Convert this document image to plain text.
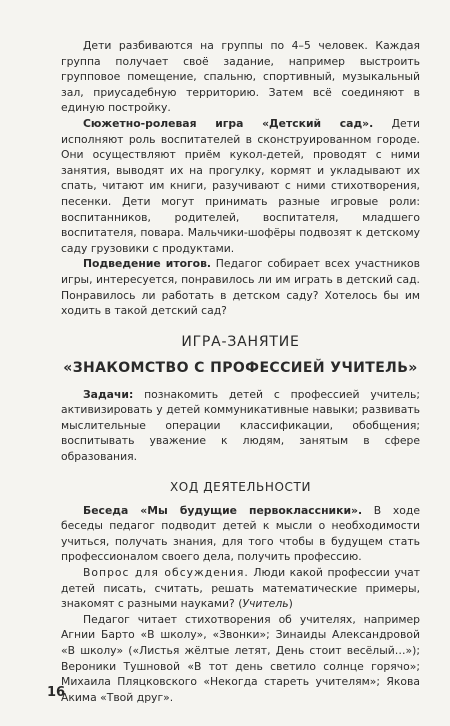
Дети разбиваются на группы по 4–5 человек. Каждая группа получает своё задание, например выстроить групповое помещение, спальню, спортивный, музыкальный зал, приусадебную территорию. Затем всё соединяют в единую постройку.

Сюжетно-ролевая игра «Детский сад». Дети исполняют роль воспитателей в сконструированном городе. Они осуществляют приём кукол-детей, проводят с ними занятия, выводят их на прогулку, кормят и укладывают их спать, читают им книги, разучивают с ними стихотворения, песенки. Дети могут принимать разные игровые роли: воспитанников, родителей, воспитателя, младшего воспитателя, повара. Мальчики-шофёры подвозят к детскому саду грузовики с продуктами.

Подведение итогов. Педагог собирает всех участников игры, интересуется, понравилось ли им играть в детский сад. Понравилось ли работать в детском саду? Хотелось бы им ходить в такой детский сад?

ИГРА-ЗАНЯТИЕ
«ЗНАКОМСТВО С ПРОФЕССИЕЙ УЧИТЕЛЬ»

Задачи: познакомить детей с профессией учитель; активизировать у детей коммуникативные навыки; развивать мыслительные операции классификации, обобщения; воспитывать уважение к людям, занятым в сфере образования.

ХОД ДЕЯТЕЛЬНОСТИ

Беседа «Мы будущие первоклассники». В ходе беседы педагог подводит детей к мысли о необходимости учиться, получать знания, для того чтобы в будущем стать профессионалом своего дела, получить профессию.

Вопрос для обсуждения. Люди какой профессии учат детей писать, считать, решать математические примеры, знакомят с разными науками? (Учитель)

Педагог читает стихотворения об учителях, например Агнии Барто «В школу», «Звонки»; Зинаиды Александровой «В школу» («Листья жёлтые летят, День стоит весёлый…»); Вероники Тушновой «В тот день светило солнце горячо»; Михаила Пляцковского «Некогда стареть учителям»; Якова Акима «Твой друг».

16
